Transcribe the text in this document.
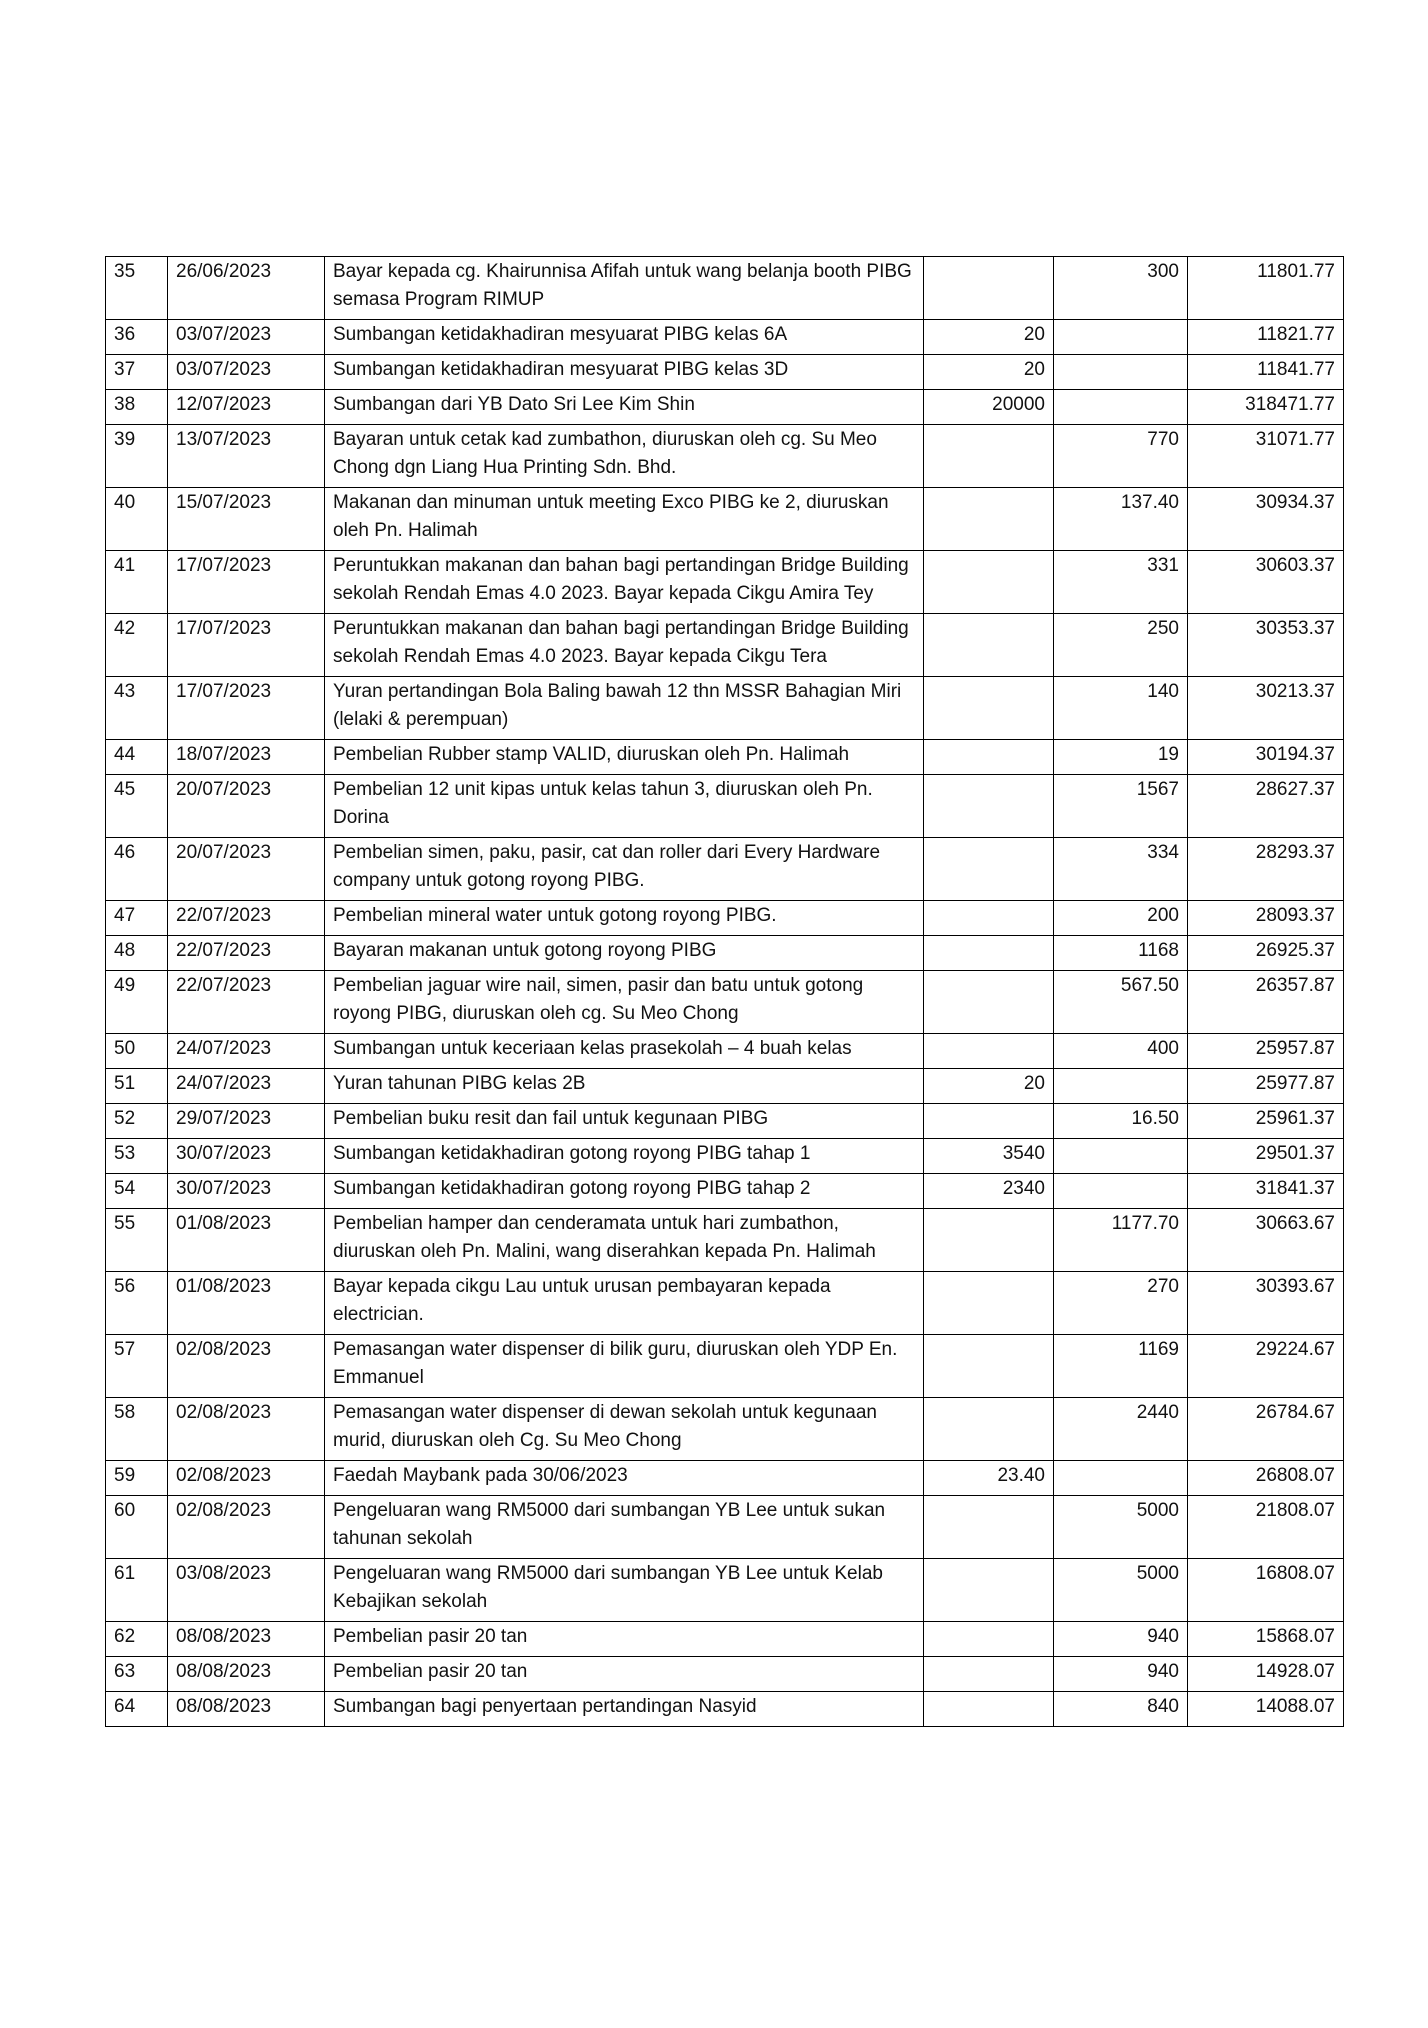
35	26/06/2023	Bayar kepada cg. Khairunnisa Afifah untuk wang belanja booth PIBG semasa Program RIMUP		300	11801.77
36	03/07/2023	Sumbangan ketidakhadiran mesyuarat PIBG kelas 6A	20		11821.77
37	03/07/2023	Sumbangan ketidakhadiran mesyuarat PIBG kelas 3D	20		11841.77
38	12/07/2023	Sumbangan dari YB Dato Sri Lee Kim Shin	20000		318471.77
39	13/07/2023	Bayaran untuk cetak kad zumbathon, diuruskan oleh cg. Su Meo Chong dgn Liang Hua Printing Sdn. Bhd.		770	31071.77
40	15/07/2023	Makanan dan minuman untuk meeting Exco PIBG ke 2, diuruskan oleh Pn. Halimah		137.40	30934.37
41	17/07/2023	Peruntukkan makanan dan bahan bagi pertandingan Bridge Building sekolah Rendah Emas 4.0 2023. Bayar kepada Cikgu Amira Tey		331	30603.37
42	17/07/2023	Peruntukkan makanan dan bahan bagi pertandingan Bridge Building sekolah Rendah Emas 4.0 2023. Bayar kepada Cikgu Tera		250	30353.37
43	17/07/2023	Yuran pertandingan Bola Baling bawah 12 thn MSSR Bahagian Miri (lelaki & perempuan)		140	30213.37
44	18/07/2023	Pembelian Rubber stamp VALID, diuruskan oleh Pn. Halimah		19	30194.37
45	20/07/2023	Pembelian 12 unit kipas untuk kelas tahun 3, diuruskan oleh Pn. Dorina		1567	28627.37
46	20/07/2023	Pembelian simen, paku, pasir, cat dan roller dari Every Hardware company untuk gotong royong PIBG.		334	28293.37
47	22/07/2023	Pembelian mineral water untuk gotong royong PIBG.		200	28093.37
48	22/07/2023	Bayaran makanan untuk gotong royong PIBG		1168	26925.37
49	22/07/2023	Pembelian jaguar wire nail, simen, pasir dan batu untuk gotong royong PIBG, diuruskan oleh cg. Su Meo Chong		567.50	26357.87
50	24/07/2023	Sumbangan untuk keceriaan kelas prasekolah – 4 buah kelas		400	25957.87
51	24/07/2023	Yuran tahunan PIBG kelas 2B	20		25977.87
52	29/07/2023	Pembelian buku resit dan fail untuk kegunaan PIBG		16.50	25961.37
53	30/07/2023	Sumbangan ketidakhadiran gotong royong PIBG tahap 1	3540		29501.37
54	30/07/2023	Sumbangan ketidakhadiran gotong royong PIBG tahap 2	2340		31841.37
55	01/08/2023	Pembelian hamper dan cenderamata untuk hari zumbathon, diuruskan oleh Pn. Malini, wang diserahkan kepada Pn. Halimah		1177.70	30663.67
56	01/08/2023	Bayar kepada cikgu Lau untuk urusan pembayaran kepada electrician.		270	30393.67
57	02/08/2023	Pemasangan water dispenser di bilik guru, diuruskan oleh YDP En. Emmanuel		1169	29224.67
58	02/08/2023	Pemasangan water dispenser di dewan sekolah untuk kegunaan murid, diuruskan oleh Cg. Su Meo Chong		2440	26784.67
59	02/08/2023	Faedah Maybank pada 30/06/2023	23.40		26808.07
60	02/08/2023	Pengeluaran wang RM5000 dari sumbangan YB Lee untuk sukan tahunan sekolah		5000	21808.07
61	03/08/2023	Pengeluaran wang RM5000 dari sumbangan YB Lee untuk Kelab Kebajikan sekolah		5000	16808.07
62	08/08/2023	Pembelian pasir 20 tan		940	15868.07
63	08/08/2023	Pembelian pasir 20 tan		940	14928.07
64	08/08/2023	Sumbangan bagi penyertaan pertandingan Nasyid		840	14088.07
